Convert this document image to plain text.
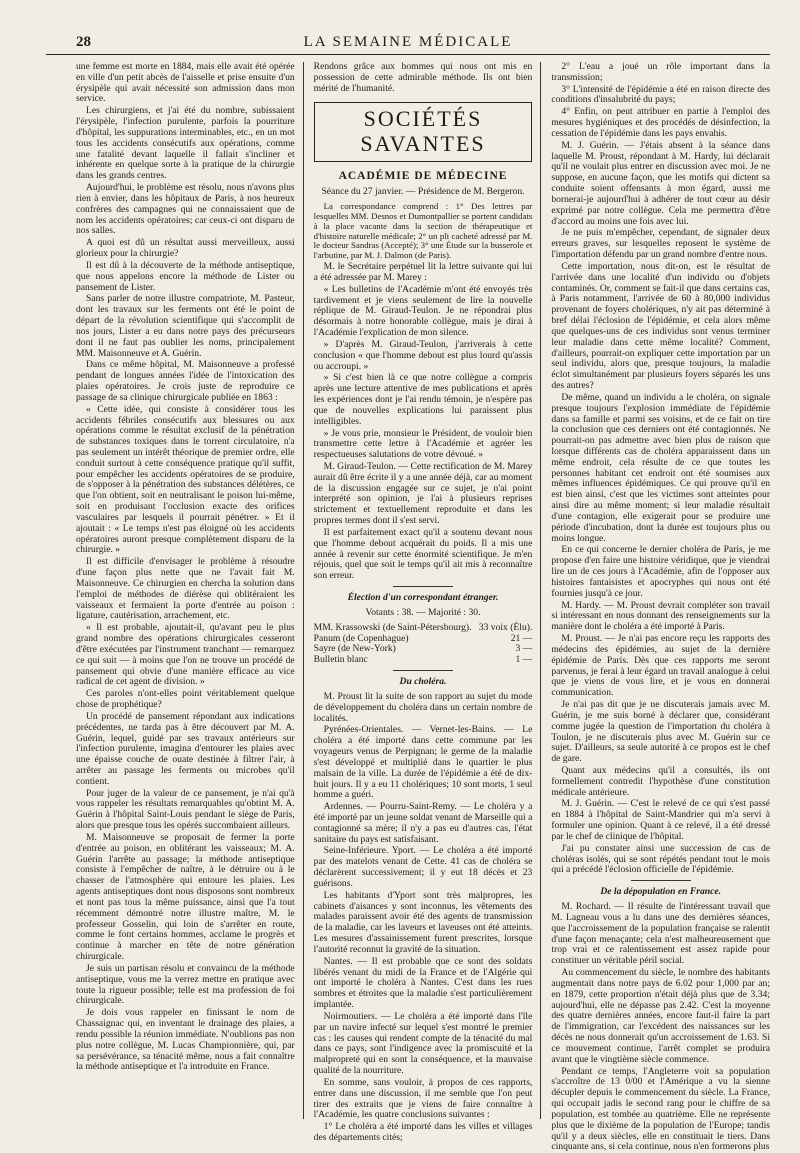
28	LA SEMAINE MÉDICALE

une femme est morte en 1884, mais elle avait été opérée en ville d'un petit abcès de l'aisselle et prise ensuite d'un érysipèle qui avait nécessité son admission dans mon service.

Les chirurgiens, et j'ai été du nombre, subissaient l'érysipèle, l'infection purulente, parfois la pourriture d'hôpital, les suppurations interminables, etc., en un mot tous les accidents consécutifs aux opérations, comme une fatalité devant laquelle il fallait s'incliner et inhérente en quelque sorte à la pratique de la chirurgie dans les grands centres.

Aujourd'hui, le problème est résolu, nous n'avons plus rien à envier, dans les hôpitaux de Paris, à nos heureux confrères des campagnes qui ne connaissaient que de nom les accidents opératoires; car ceux-ci ont disparu de nos salles.

A quoi est dû un résultat aussi merveilleux, aussi glorieux pour la chirurgie?

Il est dû à la découverte de la méthode antiseptique, que nous appelons encore la méthode de Lister ou pansement de Lister.

Sans parler de notre illustre compatriote, M. Pasteur, dont les travaux sur les ferments ont été le point de départ de la révolution scientifique qui s'accomplit de nos jours, Lister a eu dans notre pays des précurseurs dont il ne faut pas oublier les noms, principalement MM. Maisonneuve et A. Guérin.

Dans ce même hôpital, M. Maisonneuve a professé pendant de longues années l'idée de l'intoxication des plaies opératoires. Je crois juste de reproduire ce passage de sa clinique chirurgicale publiée en 1863 :

« Cette idée, qui consiste à considérer tous les accidents fébriles consécutifs aux blessures ou aux opérations comme le résultat exclusif de la pénétration de substances toxiques dans le torrent circulatoire, n'a pas seulement un intérêt théorique de premier ordre, elle conduit surtout à cette conséquence pratique qu'il suffit, pour empêcher les accidents opératoires de se produire, de s'opposer à la pénétration des substances délétères, ce que l'on obtient, soit en neutralisant le poison lui-même, soit en produisant l'occlusion exacte des orifices vasculaires par lesquels il pourrait pénétrer. » Et il ajoutait : « Le temps n'est pas éloigné où les accidents opératoires auront presque complètement disparu de la chirurgie. »

Il est difficile d'envisager le problème à résoudre d'une façon plus nette que ne l'avait fait M. Maisonneuve. Ce chirurgien en chercha la solution dans l'emploi de méthodes de diérèse qui oblitéraient les vaisseaux et fermaient la porte d'entrée au poison : ligature, cautérisation, arrachement, etc.

« Il est probable, ajoutait-il, qu'avant peu le plus grand nombre des opérations chirurgicales cesseront d'être exécutées par l'instrument tranchant — remarquez ce qui suit — à moins que l'on ne trouve un procédé de pansement qui obvie d'une manière efficace au vice radical de cet agent de division. »

Ces paroles n'ont-elles point véritablement quelque chose de prophétique?

Un procédé de pansement répondant aux indications précédentes, ne tarda pas à être découvert par M. A. Guérin, lequel, guidé par ses travaux antérieurs sur l'infection purulente, imagina d'entourer les plaies avec une épaisse couche de ouate destinée à filtrer l'air, à arrêter au passage les ferments ou microbes qu'il contient.

Pour juger de la valeur de ce pansement, je n'ai qu'à vous rappeler les résultats remarquables qu'obtint M. A. Guérin à l'hôpital Saint-Louis pendant le siège de Paris, alors que presque tous les opérés succombaient ailleurs.

M. Maisonneuve se proposait de fermer la porte d'entrée au poison, en oblitérant les vaisseaux; M. A. Guérin l'arrête au passage; la méthode antiseptique consiste à l'empêcher de naître, à le détruire ou à le chasser de l'atmosphère qui entoure les plaies. Les agents antiseptiques dont nous disposons sont nombreux et nont pas tous la même puissance, ainsi que l'a tout récemment démontré notre illustre maître, M. le professeur Gosselin, qui loin de s'arrêter en route, comme le font certains hommes, acclame le progrès et continue à marcher en tête de notre génération chirurgicale.

Je suis un partisan résolu et convaincu de la méthode antiseptique, vous me la verrez mettre en pratique avec toute la rigueur possible; telle est ma profession de foi chirurgicale.

Je dois vous rappeler en finissant le nom de Chassaignac qui, en inventant le drainage des plaies, a rendu possible la réunion immédiate. N'oublions pas non plus notre collègue, M. Lucas Championnière, qui, par sa persévérance, sa ténacité même, nous a fait connaître la méthode antiseptique et l'a introduite en France.

Rendons grâce aux hommes qui nous ont mis en possession de cette admirable méthode. Ils ont bien mérité de l'humanité.

SOCIÉTÉS SAVANTES
ACADÉMIE DE MÉDECINE
Séance du 27 janvier. — Présidence de M. Bergeron.

La correspondance comprend : 1° Des lettres par lesquelles MM. Desnos et Dumontpallier se portent candidats à la place vacante dans la section de thérapeutique et d'histoire naturelle médicale; 2° un pli cacheté adressé par M. le docteur Sandras (Accepté); 3° une Étude sur la busserole et l'arbutine, par M. J. Dalmon (de Paris).

M. le Secrétaire perpétuel lit la lettre suivante qui lui a été adressée par M. Marey :

« Les bulletins de l'Académie m'ont été envoyés très tardivement et je viens seulement de lire la nouvelle réplique de M. Giraud-Teulon. Je ne répondrai plus désormais à notre honorable collègue, mais je dirai à l'Académie l'explication de mon silence.

» D'après M. Giraud-Teulon, j'arriverais à cette conclusion « que l'homme debout est plus lourd qu'assis ou accroupi. »

» Si c'est bien là ce que notre collègue a compris après une lecture attentive de mes publications et après les expériences dont je l'ai rendu témoin, je n'espère pas que de nouvelles explications lui paraissent plus intelligibles.

» Je vous prie, monsieur le Président, de vouloir bien transmettre cette lettre à l'Académie et agréer les respectueuses salutations de votre dévoué. »

M. Giraud-Teulon. — Cette rectification de M. Marey aurait dû être écrite il y a une année déjà, car au moment de la discussion engagée sur ce sujet, je n'ai point interprété son opinion, je l'ai à plusieurs reprises strictement et textuellement reproduite et dans les propres termes dont il s'est servi.

Il est parfaitement exact qu'il a soutenu devant nous que l'homme debout acquérait du poids. Il a mis une année à revenir sur cette énormité scientifique. Je m'en réjouis, quel que soit le temps qu'il ait mis à reconnaître son erreur.

Élection d'un correspondant étranger.
Votants : 38. — Majorité : 30.
MM. Krassowski (de Saint-Pétersbourg). 33 voix (Élu).
Panum (de Copenhague)	21 —
Sayre (de New-York)	3 —
Bulletin blanc	1 —
Du choléra.

M. Proust lit la suite de son rapport au sujet du mode de développement du choléra dans un certain nombre de localités.

Pyrénées-Orientales. — Vernet-les-Bains. — Le choléra a été importé dans cette commune par les voyageurs venus de Perpignan; le germe de la maladie s'est développé et multiplié dans le quartier le plus malsain de la ville. La durée de l'épidémie a été de dix-huit jours. Il y a eu 11 cholériques; 10 sont morts, 1 seul homme a guéri.

Ardennes. — Pourru-Saint-Remy. — Le choléra y a été importé par un jeune soldat venant de Marseille qui a contagionné sa mère; il n'y a pas eu d'autres cas, l'état sanitaire du pays est satisfaisant.

Seine-Inférieure. Yport. — Le choléra a été importé par des matelots venant de Cette. 41 cas de choléra se déclarèrent successivement; il y eut 18 décès et 23 guérisons.

Les habitants d'Yport sont très malpropres, les cabinets d'aisances y sont inconnus, les vêtements des malades paraissent avoir été des agents de transmission de la maladie, car les laveurs et laveuses ont été atteints. Les mesures d'assainissement furent prescrites, lorsque l'autorité reconnut la gravité de la situation.

Nantes. — Il est probable que ce sont des soldats libérés venant du midi de la France et de l'Algérie qui ont importé le choléra à Nantes. C'est dans les rues sombres et étroites que la maladie s'est particulièrement implantée.

Noirmoutiers. — Le choléra a été importé dans l'île par un navire infecté sur lequel s'est montré le premier cas : les causes qui rendent compte de la ténacité du mal dans ce pays, sont l'indigence avec la promiscuité et la malpropreté qui en sont la conséquence, et la mauvaise qualité de la nourriture.

En somme, sans vouloir, à propos de ces rapports, entrer dans une discussion, il me semble que l'on peut tirer des extraits que je viens de faire connaître à l'Académie, les quatre conclusions suivantes :

1° Le choléra a été importé dans les villes et villages des départements cités;

2° L'eau a joué un rôle important dans la transmission;

3° L'intensité de l'épidémie a été en raison directe des conditions d'insalubrité du pays;

4° Enfin, on peut attribuer en partie à l'emploi des mesures hygiéniques et des procédés de désinfection, la cessation de l'épidémie dans les pays envahis.

M. J. Guérin. — J'étais absent à la séance dans laquelle M. Proust, répondant à M. Hardy, lui déclarait qu'il ne voulait plus entrer en discussion avec moi. Je ne suppose, en aucune façon, que les motifs qui dictent sa conduite soient offensants à mon égard, aussi me bornerai-je aujourd'hui à adhérer de tout cœur au désir exprimé par notre collègue. Cela me permettra d'être d'accord au moins une fois avec lui.

Je ne puis m'empêcher, cependant, de signaler deux erreurs graves, sur lesquelles reposent le système de l'importation défendu par un grand nombre d'entre nous.

Cette importation, nous dit-on, est le résultat de l'arrivée dans une localité d'un individu ou d'objets contaminés. Or, comment se fait-il que dans certains cas, à Paris notamment, l'arrivée de 60 à 80,000 individus provenant de foyers cholériques, n'y ait pas déterminé à bref délai l'éclosion de l'épidémie, et cela alors même que quelques-uns de ces individus sont venus terminer leur maladie dans cette même localité? Comment, d'ailleurs, pourrait-on expliquer cette importation par un seul individu, alors que, presque toujours, la maladie éclot simultanément par plusieurs foyers séparés les uns des autres?

De même, quand un individu a le choléra, on signale presque toujours l'explosion immédiate de l'épidémie dans sa famille et parmi ses voisins, et de ce fait on tire la conclusion que ces derniers ont été contagionnés. Ne pourrait-on pas admettre avec bien plus de raison que lorsque différents cas de choléra apparaissent dans un même endroit, cela résulte de ce que toutes les personnes habitant cet endroit ont été soumises aux mêmes influences épidémiques. Ce qui prouve qu'il en est bien ainsi, c'est que les victimes sont atteintes pour ainsi dire au même moment; si leur maladie résultait d'une contagion, elle exigerait pour se produire une période d'incubation, dont la durée est toujours plus ou moins longue.

En ce qui concerne le dernier choléra de Paris, je me propose d'en faire une histoire véridique, que je viendrai lire un de ces jours à l'Académie, afin de l'opposer aux histoires fantaisistes et apocryphes qui nous ont été fournies jusqu'à ce jour.

M. Hardy. — M. Proust devrait compléter son travail si intéressant en nous donnant des renseignements sur la manière dont le choléra a été importé à Paris.

M. Proust. — Je n'ai pas encore reçu les rapports des médecins des épidémies, au sujet de la dernière épidémie de Paris. Dès que ces rapports me seront parvenus, je ferai à leur égard un travail analogue à celui que je viens de vous lire, et je vous en donnerai communication.

Je n'ai pas dit que je ne discuterais jamais avec M. Guérin, je me suis borné à déclarer que, considérant comme jugée la question de l'importation du choléra à Toulon, je ne discuterais plus avec M. Guérin sur ce sujet. D'ailleurs, sa seule autorité à ce propos est le chef de gare.

Quant aux médecins qu'il a consultés, ils ont formellement contredit l'hypothèse d'une constitution médicale antérieure.

M. J. Guérin. — C'est le relevé de ce qui s'est passé en 1884 à l'hôpital de Saint-Mandrier qui m'a servi à formuler une opinion. Quant à ce relevé, il a été dressé par le chef de clinique de l'hôpital.

J'ai pu constater ainsi une succession de cas de choléras isolés, qui se sont répétés pendant tout le mois qui a précédé l'éclosion officielle de l'épidémie.

De la dépopulation en France.

M. Rochard. — Il résulte de l'intéressant travail que M. Lagneau vous a lu dans une des dernières séances, que l'accroissement de la population française se ralentit d'une façon menaçante; cela n'est malheureusement que trop vrai et ce ralentissement est assez rapide pour constituer un véritable péril social.

Au commencement du siècle, le nombre des habitants augmentait dans notre pays de 6.02 pour 1,000 par an; en 1879, cette proportion n'était déjà plus que de 3.34; aujourd'hui, elle ne dépasse pas 2.42. C'est la moyenne des quatre dernières années, encore faut-il faire la part de l'immigration, car l'excédent des naissances sur les décès ne nous donnerait qu'un accroissement de 1.63. Si ce mouvement continue, l'arrêt complet se produira avant que le vingtième siècle commence.

Pendant ce temps, l'Angleterre voit sa population s'accroître de 13 0/00 et l'Amérique a vu la sienne décupler depuis le commencement du siècle. La France, qui occupait jadis le second rang pour le chiffre de sa population, est tombée au quatrième. Elle ne représente plus que le dixième de la population de l'Europe; tandis qu'il y a deux siècles, elle en constituait le tiers. Dans cinquante ans, si cela continue, nous n'en formerons plus
